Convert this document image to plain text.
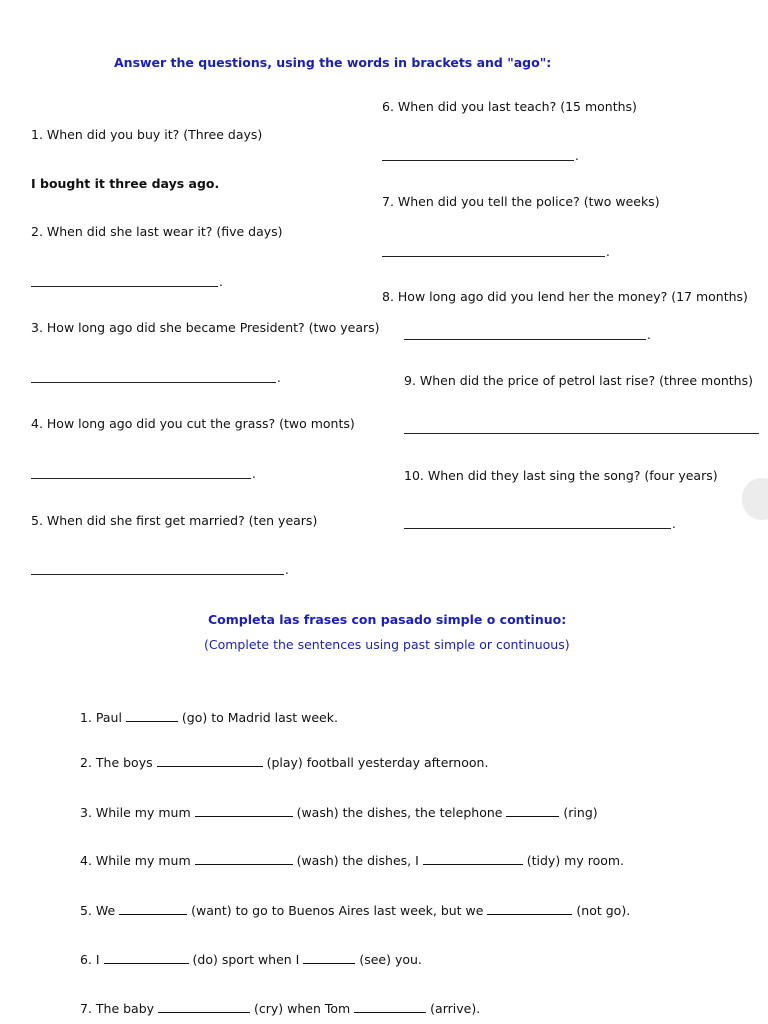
Answer the questions, using the words in brackets and "ago":
1. When did you buy it? (Three days)
I bought it three days ago.
2. When did she last wear it? (five days)
.
3. How long ago did she became President? (two years)
.
4. How long ago did you cut the grass? (two monts)
.
5. When did she first get married? (ten years)
.
6. When did you last teach? (15 months)
.
7. When did you tell the police? (two weeks)
.
8. How long ago did you lend her the money? (17 months)
.
9. When did the price of petrol last rise? (three months)
10. When did they last sing the song? (four years)
.
Completa las frases con pasado simple o continuo:
(Complete the sentences using past simple or continuous)
1. Paul	(go) to Madrid last week.
2. The boys	(play) football yesterday afternoon.
3. While my mum	(wash) the dishes, the telephone	(ring)
4. While my mum	(wash) the dishes, I	(tidy) my room.
5. We	(want) to go to Buenos Aires last week, but we	(not go).
6. I	(do) sport when I	(see) you.
7. The baby	(cry) when Tom	(arrive).
